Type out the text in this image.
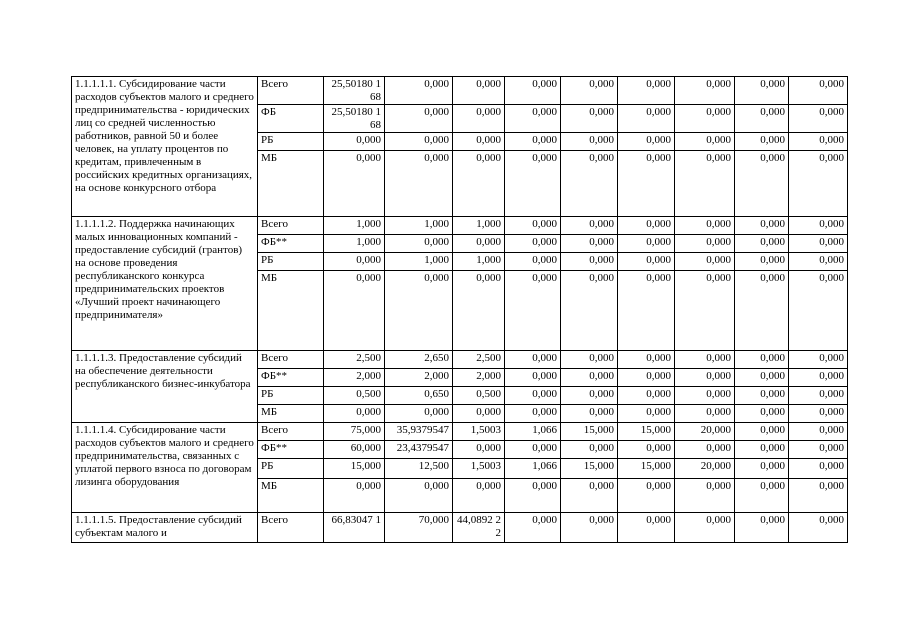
1.1.1.1.1. Субсидирование части расходов субъектов малого и среднего предпринимательства - юридических лиц со средней численностью работников, равной 50 и более человек, на уплату процентов по кредитам, привлеченным в российских кредитных организациях, на основе конкурсного отбора	Всего	25,50180 168	0,000	0,000	0,000	0,000	0,000	0,000	0,000	0,000
	ФБ	25,50180 168	0,000	0,000	0,000	0,000	0,000	0,000	0,000	0,000
	РБ	0,000	0,000	0,000	0,000	0,000	0,000	0,000	0,000	0,000
	МБ	0,000	0,000	0,000	0,000	0,000	0,000	0,000	0,000	0,000
1.1.1.1.2. Поддержка начинающих малых инновационных компаний - предоставление субсидий (грантов) на основе проведения республиканского конкурса предпринимательских проектов «Лучший проект начинающего предпринимателя»	Всего	1,000	1,000	1,000	0,000	0,000	0,000	0,000	0,000	0,000
	ФБ**	1,000	0,000	0,000	0,000	0,000	0,000	0,000	0,000	0,000
	РБ	0,000	1,000	1,000	0,000	0,000	0,000	0,000	0,000	0,000
	МБ	0,000	0,000	0,000	0,000	0,000	0,000	0,000	0,000	0,000
1.1.1.1.3. Предоставление субсидий на обеспечение деятельности республиканского бизнес-инкубатора	Всего	2,500	2,650	2,500	0,000	0,000	0,000	0,000	0,000	0,000
	ФБ**	2,000	2,000	2,000	0,000	0,000	0,000	0,000	0,000	0,000
	РБ	0,500	0,650	0,500	0,000	0,000	0,000	0,000	0,000	0,000
	МБ	0,000	0,000	0,000	0,000	0,000	0,000	0,000	0,000	0,000
1.1.1.1.4. Субсидирование части расходов субъектов малого и среднего предпринимательства, связанных с уплатой первого взноса по договорам лизинга оборудования	Всего	75,000	35,9379547	1,5003	1,066	15,000	15,000	20,000	0,000	0,000
	ФБ**	60,000	23,4379547	0,000	0,000	0,000	0,000	0,000	0,000	0,000
	РБ	15,000	12,500	1,5003	1,066	15,000	15,000	20,000	0,000	0,000
	МБ	0,000	0,000	0,000	0,000	0,000	0,000	0,000	0,000	0,000
1.1.1.1.5. Предоставление субсидий субъектам малого и	Всего	66,83047 1	70,000	44,0892 22	0,000	0,000	0,000	0,000	0,000	0,000
